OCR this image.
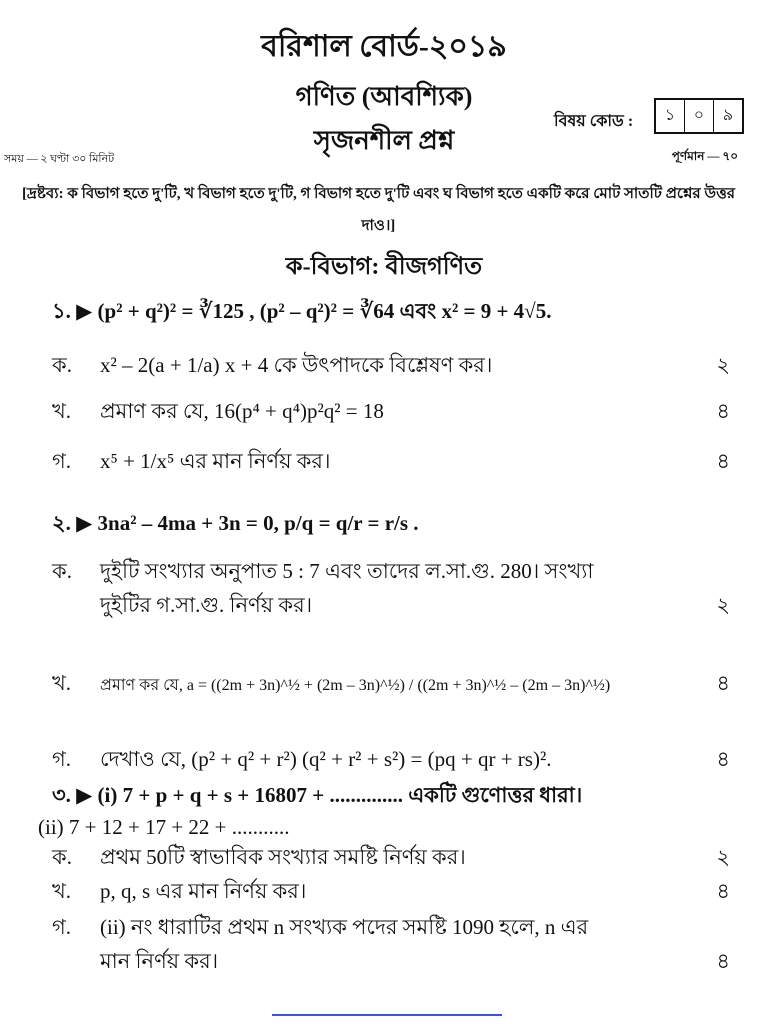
বরিশাল বোর্ড-২০১৯
গণিত (আবশ্যিক)
সৃজনশীল প্রশ্ন
বিষয় কোড :	১	০	৯
সময় — ২ ঘণ্টা ৩০ মিনিট	পূর্ণমান — ৭০
[দ্রষ্টব্য: ক বিভাগ হতে দু'টি, খ বিভাগ হতে দু'টি, গ বিভাগ হতে দু'টি এবং ঘ বিভাগ হতে একটি করে মোট সাতটি প্রশ্নের উত্তর দাও।]
ক-বিভাগ: বীজগণিত
১. ▶ (p² + q²)² = ∛125 , (p² – q²)² = ∛64 এবং x² = 9 + 4√5.
ক. x² – 2(a + 1/a) x + 4 কে উৎপাদকে বিশ্লেষণ কর।	২
খ. প্রমাণ কর যে, 16(p⁴ + q⁴)p²q² = 18	৪
গ. x⁵ + 1/x⁵ এর মান নির্ণয় কর।	৪
২. ▶ 3na² – 4ma + 3n = 0, p/q = q/r = r/s .
ক. দুইটি সংখ্যার অনুপাত 5 : 7 এবং তাদের ল.সা.গু. 280। সংখ্যা
দুইটির গ.সা.গু. নির্ণয় কর।	২
খ. প্রমাণ কর যে, a = ((2m + 3n)^½ + (2m – 3n)^½) / ((2m + 3n)^½ – (2m – 3n)^½)	৪
গ. দেখাও যে, (p² + q² + r²) (q² + r² + s²) = (pq + qr + rs)².	৪
৩. ▶ (i) 7 + p + q + s + 16807 + .............. একটি গুণোত্তর ধারা।
(ii) 7 + 12 + 17 + 22 + ...........
ক. প্রথম 50টি স্বাভাবিক সংখ্যার সমষ্টি নির্ণয় কর।	২
খ. p, q, s এর মান নির্ণয় কর।	৪
গ. (ii) নং ধারাটির প্রথম n সংখ্যক পদের সমষ্টি 1090 হলে, n এর
মান নির্ণয় কর।	৪
